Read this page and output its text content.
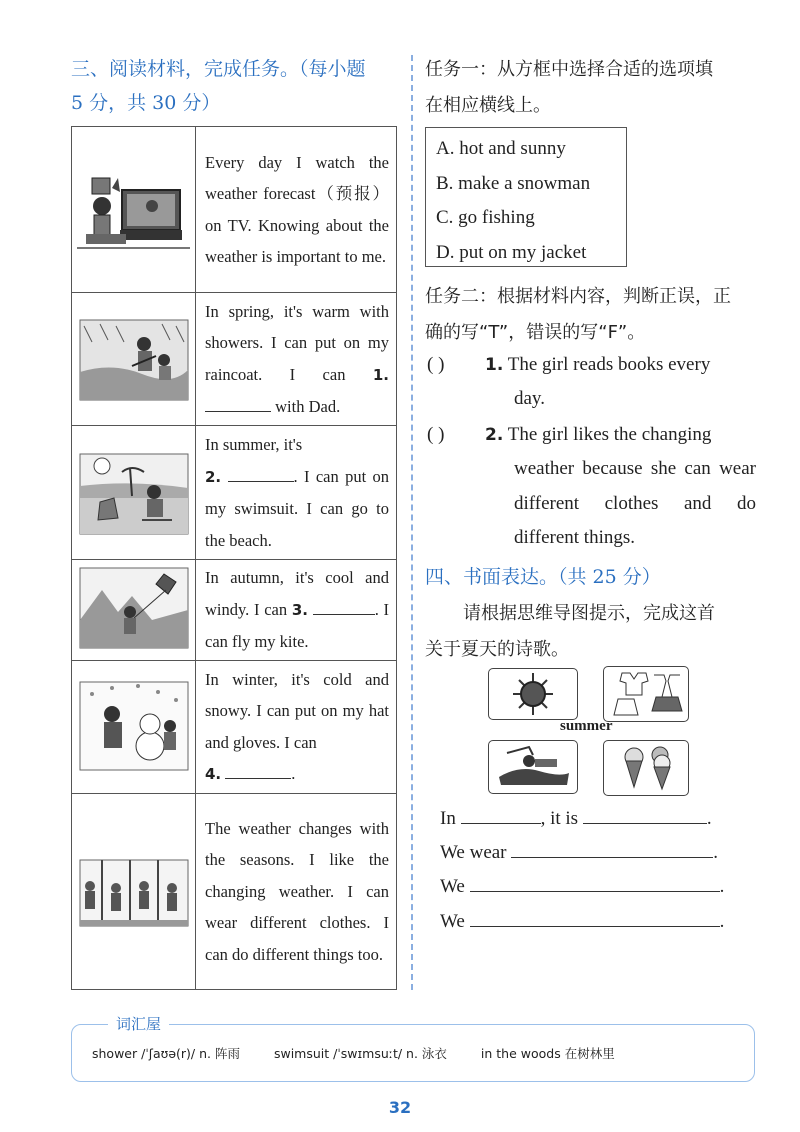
三、阅读材料，完成任务。（每小题
5 分，共 30 分）
	Every day I watch the weather forecast（预报）on TV. Knowing about the weather is important to me.
	In spring, it's warm with showers. I can put on my raincoat. I can 1.  with Dad.
	In summer, it's
2. . I can put on my swimsuit. I can go to the beach.
	In autumn, it's cool and windy. I can 3. . I can fly my kite.
	In winter, it's cold and snowy. I can put on my hat and gloves. I can
4. .
	The weather changes with the seasons. I like the changing weather. I can wear different clothes. I can do different things too.
任务一：从方框中选择合适的选项填
在相应横线上。
A. hot and sunny
B. make a snowman
C. go fishing
D. put on my jacket
任务二：根据材料内容，判断正误，正
确的写“T”，错误的写“F”。
( ) 1. The girl reads books every
day.
( ) 2. The girl likes the changing
weather because she can wear different clothes and do different things.
四、书面表达。（共 25 分）
请根据思维导图提示，完成这首
关于夏天的诗歌。
summer
In	, it is	.
We wear	.
We	.
We	.
词汇屋
shower /ˈʃaʊə(r)/ n. 阵雨	swimsuit /ˈswɪmsuːt/ n. 泳衣	in the woods 在树林里
32
